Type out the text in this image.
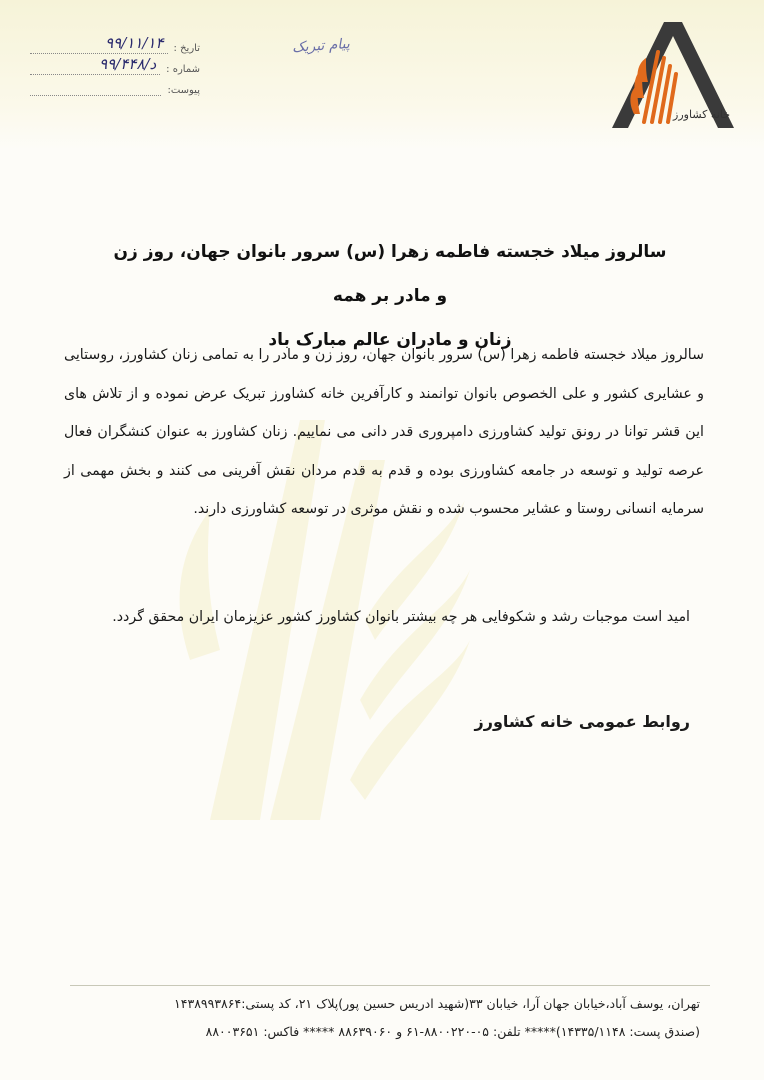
خانه کشاورز
تاریخ :
۹۹/۱۱/۱۴
شماره :
د/۹۹/۴۴۸
پیوست:
پیام تبریک
سالروز میلاد خجسته فاطمه زهرا (س) سرور بانوان جهان، روز زن و مادر بر همه
زنان و مادران عالم مبارک باد
سالروز میلاد خجسته فاطمه زهرا (س) سرور بانوان جهان، روز زن و مادر را به تمامی زنان کشاورز، روستایی و عشایری کشور و علی الخصوص بانوان توانمند و کارآفرین خانه کشاورز تبریک عرض نموده و از تلاش های این قشر توانا در رونق تولید کشاورزی دامپروری قدر دانی می نماییم. زنان کشاورز به عنوان کنشگران فعال عرصه تولید و توسعه در جامعه کشاورزی بوده و قدم به قدم مردان نقش آفرینی می کنند و بخش مهمی از سرمایه انسانی روستا و عشایر محسوب شده و نقش موثری در توسعه کشاورزی دارند.
امید است موجبات رشد و شکوفایی هر چه بیشتر بانوان کشاورز کشور عزیزمان ایران محقق گردد.
روابط عمومی خانه کشاورز
تهران، یوسف آباد،خیابان جهان آرا، خیابان ۳۳(شهید ادریس حسین پور)پلاک ۲۱، کد پستی:۱۴۳۸۹۹۳۸۶۴
(صندق پست: ۱۴۳۳۵/۱۱۴۸)***** تلفن: ۰۵-۸۸۰۰۲۲۰-۶۱ و ۸۸۶۳۹۰۶۰ ***** فاکس: ۸۸۰۰۳۶۵۱
